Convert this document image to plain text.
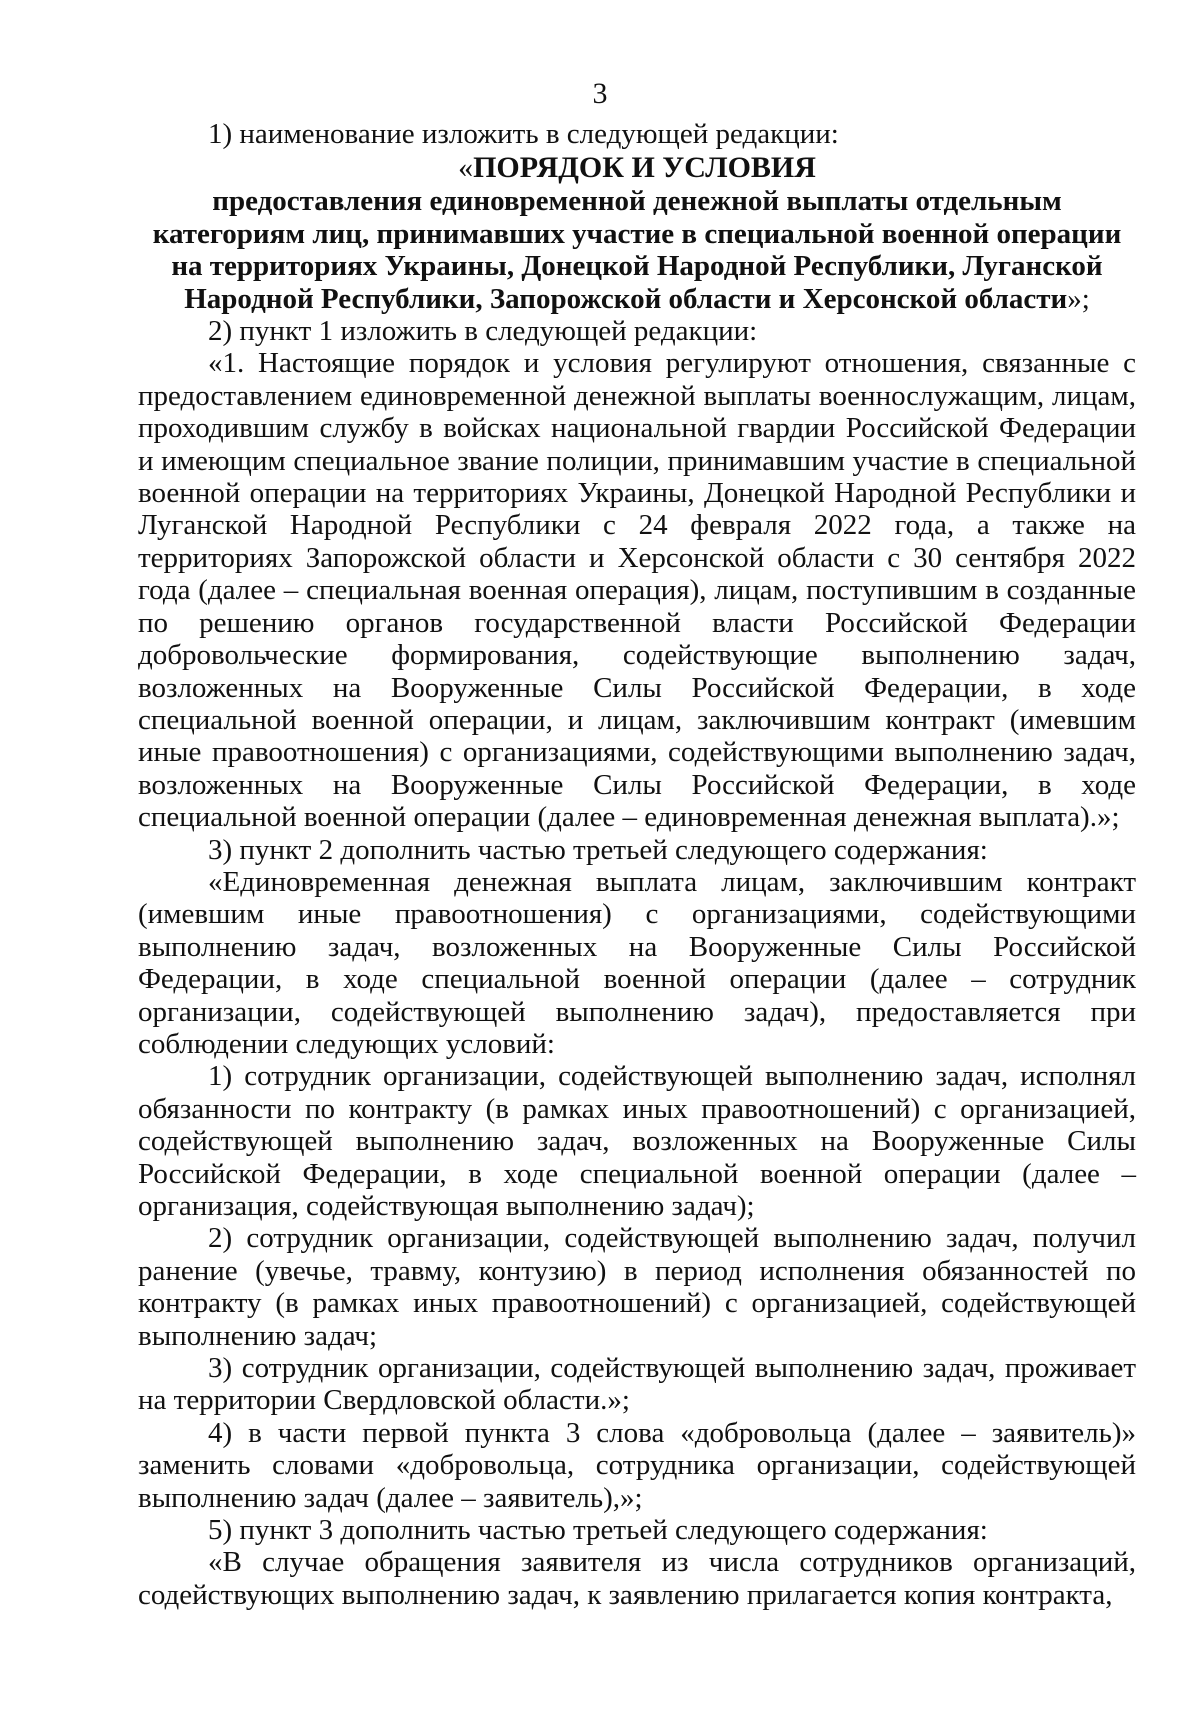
3

1) наименование изложить в следующей редакции:

«ПОРЯДОК И УСЛОВИЯ

предоставления единовременной денежной выплаты отдельным категориям лиц, принимавших участие в специальной военной операции на территориях Украины, Донецкой Народной Республики, Луганской Народной Республики, Запорожской области и Херсонской области»;

2) пункт 1 изложить в следующей редакции:

«1. Настоящие порядок и условия регулируют отношения, связанные с предоставлением единовременной денежной выплаты военнослужащим, лицам, проходившим службу в войсках национальной гвардии Российской Федерации и имеющим специальное звание полиции, принимавшим участие в специальной военной операции на территориях Украины, Донецкой Народной Республики и Луганской Народной Республики с 24 февраля 2022 года, а также на территориях Запорожской области и Херсонской области с 30 сентября 2022 года (далее – специальная военная операция), лицам, поступившим в созданные по решению органов государственной власти Российской Федерации добровольческие формирования, содействующие выполнению задач, возложенных на Вооруженные Силы Российской Федерации, в ходе специальной военной операции, и лицам, заключившим контракт (имевшим иные правоотношения) с организациями, содействующими выполнению задач, возложенных на Вооруженные Силы Российской Федерации, в ходе специальной военной операции (далее – единовременная денежная выплата).»;

3) пункт 2 дополнить частью третьей следующего содержания:

«Единовременная денежная выплата лицам, заключившим контракт (имевшим иные правоотношения) с организациями, содействующими выполнению задач, возложенных на Вооруженные Силы Российской Федерации, в ходе специальной военной операции (далее – сотрудник организации, содействующей выполнению задач), предоставляется при соблюдении следующих условий:

1) сотрудник организации, содействующей выполнению задач, исполнял обязанности по контракту (в рамках иных правоотношений) с организацией, содействующей выполнению задач, возложенных на Вооруженные Силы Российской Федерации, в ходе специальной военной операции (далее – организация, содействующая выполнению задач);

2) сотрудник организации, содействующей выполнению задач, получил ранение (увечье, травму, контузию) в период исполнения обязанностей по контракту (в рамках иных правоотношений) с организацией, содействующей выполнению задач;

3) сотрудник организации, содействующей выполнению задач, проживает на территории Свердловской области.»;

4) в части первой пункта 3 слова «добровольца (далее – заявитель)» заменить словами «добровольца, сотрудника организации, содействующей выполнению задач (далее – заявитель),»;

5) пункт 3 дополнить частью третьей следующего содержания:

«В случае обращения заявителя из числа сотрудников организаций, содействующих выполнению задач, к заявлению прилагается копия контракта,
